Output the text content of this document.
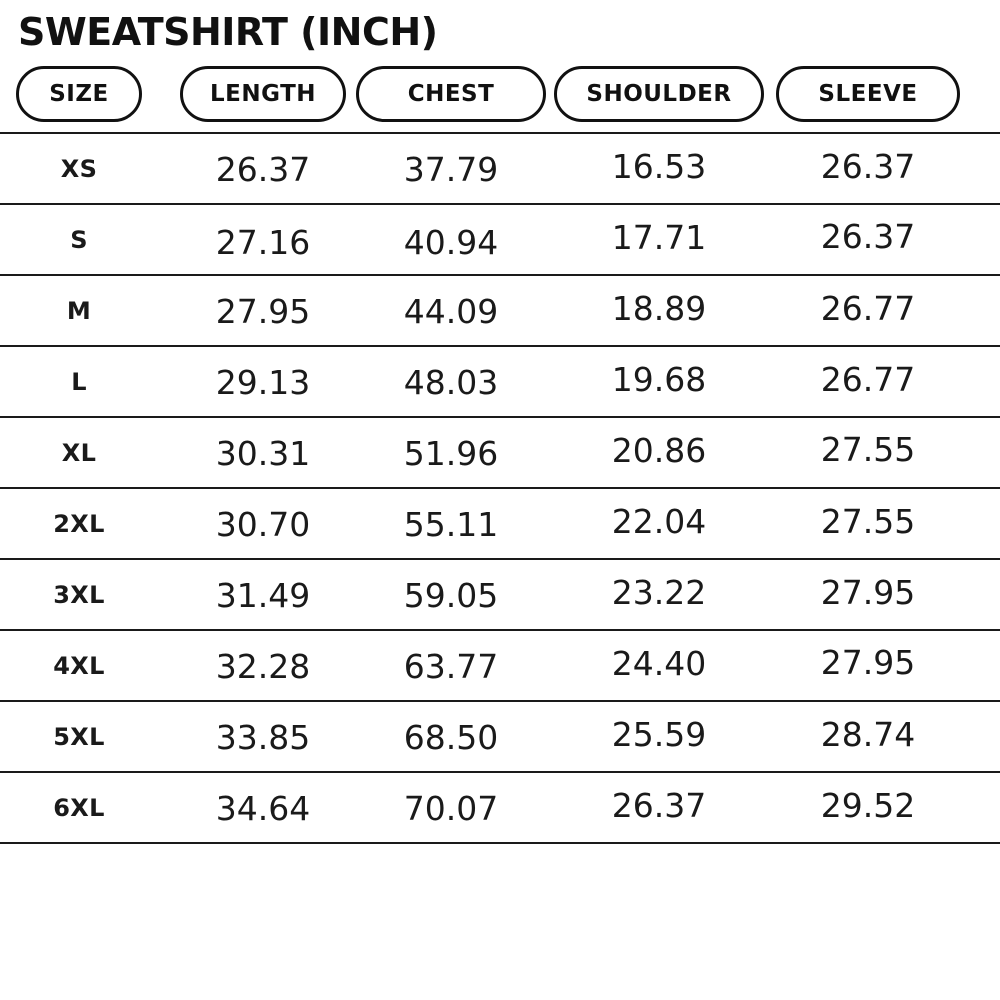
SWEATSHIRT (INCH)
SIZE	LENGTH	CHEST	SHOULDER	SLEEVE
XS	26.37	37.79	16.53	26.37
S	27.16	40.94	17.71	26.37
M	27.95	44.09	18.89	26.77
L	29.13	48.03	19.68	26.77
XL	30.31	51.96	20.86	27.55
2XL	30.70	55.11	22.04	27.55
3XL	31.49	59.05	23.22	27.95
4XL	32.28	63.77	24.40	27.95
5XL	33.85	68.50	25.59	28.74
6XL	34.64	70.07	26.37	29.52
